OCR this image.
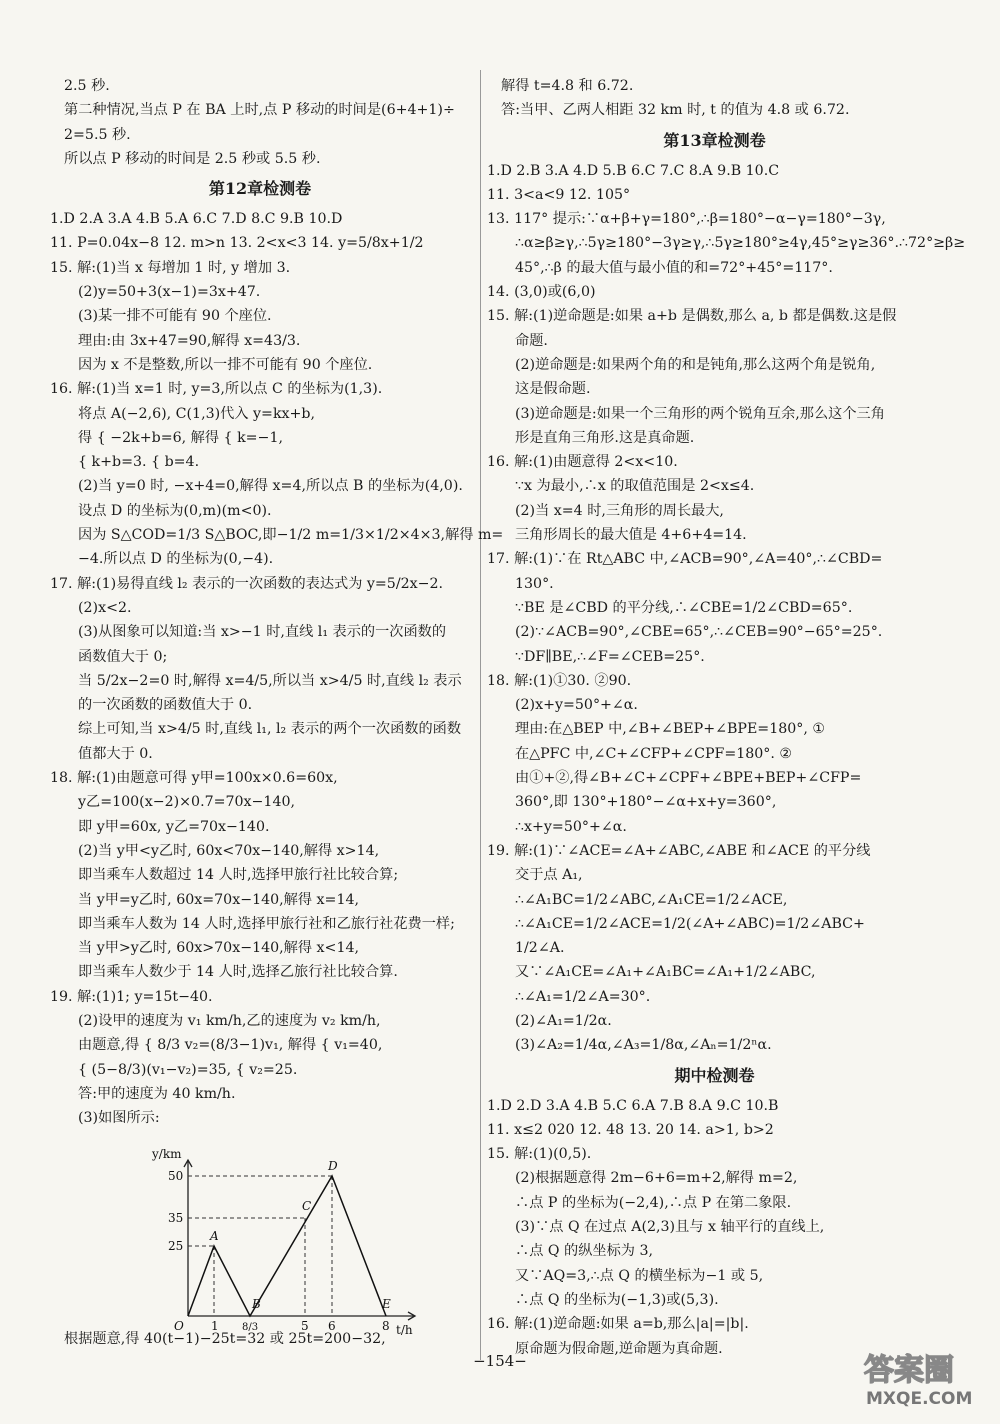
2.5 秒.
第二种情况,当点 P 在 BA 上时,点 P 移动的时间是(6+4+1)÷
2=5.5 秒.
所以点 P 移动的时间是 2.5 秒或 5.5 秒.
第12章检测卷
1.D 2.A 3.A 4.B 5.A 6.C 7.D 8.C 9.B 10.D
11. P=0.04x−8 12. m>n 13. 2<x<3 14. y=5/8x+1/2
15. 解:(1)当 x 每增加 1 时, y 增加 3.
(2)y=50+3(x−1)=3x+47.
(3)某一排不可能有 90 个座位.
理由:由 3x+47=90,解得 x=43/3.
因为 x 不是整数,所以一排不可能有 90 个座位.
16. 解:(1)当 x=1 时, y=3,所以点 C 的坐标为(1,3).
将点 A(−2,6), C(1,3)代入 y=kx+b,
得 { −2k+b=6, 解得 { k=−1,
{ k+b=3. { b=4.
(2)当 y=0 时, −x+4=0,解得 x=4,所以点 B 的坐标为(4,0).
设点 D 的坐标为(0,m)(m<0).
因为 S△COD=1/3 S△BOC,即−1/2 m=1/3×1/2×4×3,解得 m=
−4.所以点 D 的坐标为(0,−4).
17. 解:(1)易得直线 l₂ 表示的一次函数的表达式为 y=5/2x−2.
(2)x<2.
(3)从图象可以知道:当 x>−1 时,直线 l₁ 表示的一次函数的
函数值大于 0;
当 5/2x−2=0 时,解得 x=4/5,所以当 x>4/5 时,直线 l₂ 表示
的一次函数的函数值大于 0.
综上可知,当 x>4/5 时,直线 l₁, l₂ 表示的两个一次函数的函数
值都大于 0.
18. 解:(1)由题意可得 y甲=100x×0.6=60x,
y乙=100(x−2)×0.7=70x−140,
即 y甲=60x, y乙=70x−140.
(2)当 y甲<y乙时, 60x<70x−140,解得 x>14,
即当乘车人数超过 14 人时,选择甲旅行社比较合算;
当 y甲=y乙时, 60x=70x−140,解得 x=14,
即当乘车人数为 14 人时,选择甲旅行社和乙旅行社花费一样;
当 y甲>y乙时, 60x>70x−140,解得 x<14,
即当乘车人数少于 14 人时,选择乙旅行社比较合算.
19. 解:(1)1; y=15t−40.
(2)设甲的速度为 v₁ km/h,乙的速度为 v₂ km/h,
由题意,得 { 8/3 v₂=(8/3−1)v₁, 解得 { v₁=40,
{ (5−8/3)(v₁−v₂)=35, { v₂=25.
答:甲的速度为 40 km/h.
(3)如图所示:
y/km
t/h
O
50
35
25
1 8/3	5 6	8
A
B
C
D
E
根据题意,得 40(t−1)−25t=32 或 25t=200−32,
解得 t=4.8 和 6.72.
答:当甲、乙两人相距 32 km 时, t 的值为 4.8 或 6.72.
第13章检测卷
1.D 2.B 3.A 4.D 5.B 6.C 7.C 8.A 9.B 10.C
11. 3<a<9 12. 105°
13. 117° 提示:∵α+β+γ=180°,∴β=180°−α−γ=180°−3γ,
∴α≥β≥γ,∴5γ≥180°−3γ≥γ,∴5γ≥180°≥4γ,45°≥γ≥36°.∴72°≥β≥
45°,∴β 的最大值与最小值的和=72°+45°=117°.
14. (3,0)或(6,0)
15. 解:(1)逆命题是:如果 a+b 是偶数,那么 a, b 都是偶数.这是假
命题.
(2)逆命题是:如果两个角的和是钝角,那么这两个角是锐角,
这是假命题.
(3)逆命题是:如果一个三角形的两个锐角互余,那么这个三角
形是直角三角形.这是真命题.
16. 解:(1)由题意得 2<x<10.
∵x 为最小,∴x 的取值范围是 2<x≤4.
(2)当 x=4 时,三角形的周长最大,
三角形周长的最大值是 4+6+4=14.
17. 解:(1)∵在 Rt△ABC 中,∠ACB=90°,∠A=40°,∴∠CBD=
130°.
∵BE 是∠CBD 的平分线,∴∠CBE=1/2∠CBD=65°.
(2)∵∠ACB=90°,∠CBE=65°,∴∠CEB=90°−65°=25°.
∵DF∥BE,∴∠F=∠CEB=25°.
18. 解:(1)①30. ②90.
(2)x+y=50°+∠α.
理由:在△BEP 中,∠B+∠BEP+∠BPE=180°, ①
在△PFC 中,∠C+∠CFP+∠CPF=180°. ②
由①+②,得∠B+∠C+∠CPF+∠BPE+BEP+∠CFP=
360°,即 130°+180°−∠α+x+y=360°,
∴x+y=50°+∠α.
19. 解:(1)∵∠ACE=∠A+∠ABC,∠ABE 和∠ACE 的平分线
交于点 A₁,
∴∠A₁BC=1/2∠ABC,∠A₁CE=1/2∠ACE,
∴∠A₁CE=1/2∠ACE=1/2(∠A+∠ABC)=1/2∠ABC+
1/2∠A.
又∵∠A₁CE=∠A₁+∠A₁BC=∠A₁+1/2∠ABC,
∴∠A₁=1/2∠A=30°.
(2)∠A₁=1/2α.
(3)∠A₂=1/4α,∠A₃=1/8α,∠Aₙ=1/2ⁿα.
期中检测卷
1.D 2.D 3.A 4.B 5.C 6.A 7.B 8.A 9.C 10.B
11. x≤2 020 12. 48 13. 20 14. a>1, b>2
15. 解:(1)(0,5).
(2)根据题意得 2m−6+6=m+2,解得 m=2,
∴点 P 的坐标为(−2,4),∴点 P 在第二象限.
(3)∵点 Q 在过点 A(2,3)且与 x 轴平行的直线上,
∴点 Q 的纵坐标为 3,
又∵AQ=3,∴点 Q 的横坐标为−1 或 5,
∴点 Q 的坐标为(−1,3)或(5,3).
16. 解:(1)逆命题:如果 a=b,那么|a|=|b|.
原命题为假命题,逆命题为真命题.
−154−	答案圈
MXQE.COM
